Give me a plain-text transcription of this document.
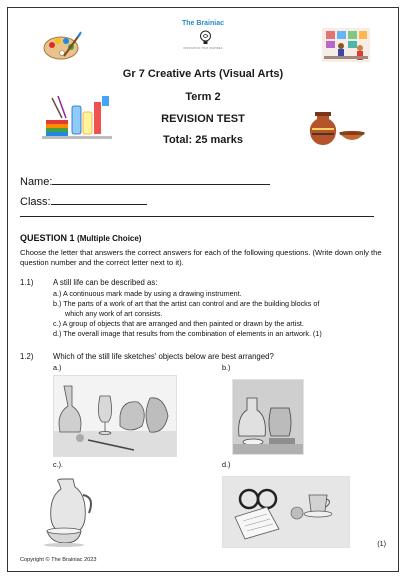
The Brainiac
INNOVATION THAT INSPIRES
Gr 7 Creative Arts (Visual Arts)
Term 2
REVISION TEST
Total: 25 marks
Name:
Class:
QUESTION 1 (Multiple Choice)
Choose the letter that answers the correct answers for each of the following questions. (Write down only the question number and the correct letter next to it).
1.1)	A still life can be described as:
a.) A continuous mark made by using a drawing instrument.
b.) The parts of a work of art that the artist can control and are the building blocks of
which any work of art consists.
c.) A group of objects that are arranged and then painted or drawn by the artist.
d.) The overall image that results from the combination of elements in an artwork. (1)
1.2)	Which of the still life sketches' objects below are best arranged?
a.)	b.)
c.).	d.)
(1)
Copyright © The Brainiac 2023
